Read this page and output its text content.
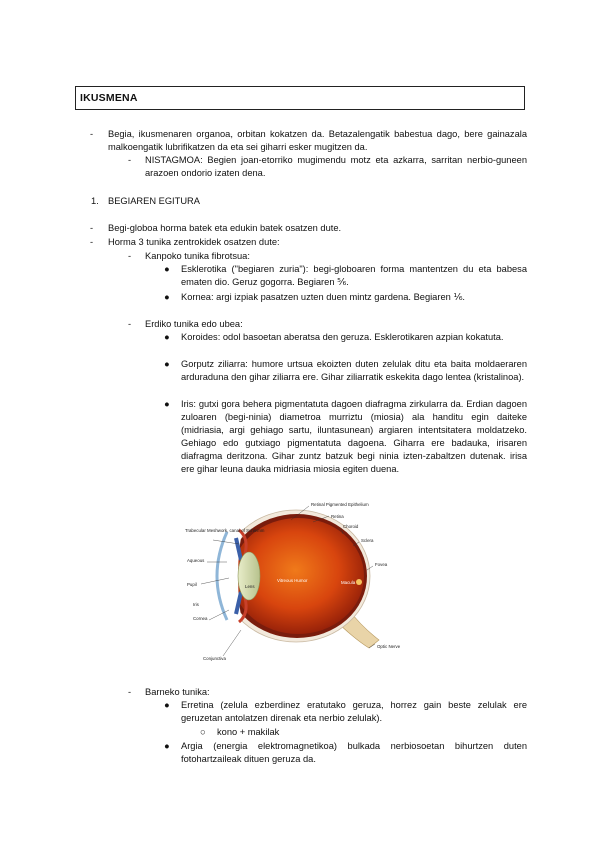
IKUSMENA
- Begia, ikusmenaren organoa, orbitan kokatzen da. Betazalengatik babestua dago, bere gainazala malkoengatik lubrifikatzen da eta sei giharri esker mugitzen da.
- NISTAGMOA: Begien joan-etorriko mugimendu motz eta azkarra, sarritan nerbio-guneen arazoen ondorio izaten dena.
1. BEGIAREN EGITURA
- Begi-globoa horma batek eta edukin batek osatzen dute.
- Horma 3 tunika zentrokidek osatzen dute:
- Kanpoko tunika fibrotsua:
● Esklerotika ("begiaren zuria"): begi-globoaren forma mantentzen du eta babesa ematen dio. Geruz gogorra. Begiaren ⅚.
● Kornea: argi izpiak pasatzen uzten duen mintz gardena. Begiaren ⅙.
- Erdiko tunika edo ubea:
● Koroides: odol basoetan aberatsa den geruza. Esklerotikaren azpian kokatuta.
● Gorputz ziliarra: humore urtsua ekoizten duten zelulak ditu eta baita moldaeraren arduraduna den gihar ziliarra ere. Gihar ziliarratik eskekita dago lentea (kristalinoa).
● Iris: gutxi gora behera pigmentatuta dagoen diafragma zirkularra da. Erdian dagoen zuloaren (begi-ninia) diametroa murriztu (miosia) ala handitu egin daiteke (midriasia, argi gehiago sartu, iluntasunean) argiaren intentsitatera moldatzeko. Gehiago edo gutxiago pigmentatuta dagoena. Giharra ere badauka, irisaren diafragma deritzona. Gihar zuntz batzuk begi ninia izten-zabaltzen dutenak. irisa ere gihar leuna dauka midriasia miosia egiten duena.
Retinal Pigmented Epithelium
Retina
Choroid
Sclera
Fovea
Macula
Trabecular Meshwork, canal of Schlemm
Aqueous
Pupil	Lens
Iris
Cornea
Vitreous Humor
Optic Nerve
Conjunctiva
- Barneko tunika:
● Erretina (zelula ezberdinez eratutako geruza, horrez gain beste zelulak ere geruzetan antolatzen direnak eta nerbio zelulak).
○ kono + makilak
● Argia (energia elektromagnetikoa) bulkada nerbiosoetan bihurtzen duten fotohartzaileak dituen geruza da.
